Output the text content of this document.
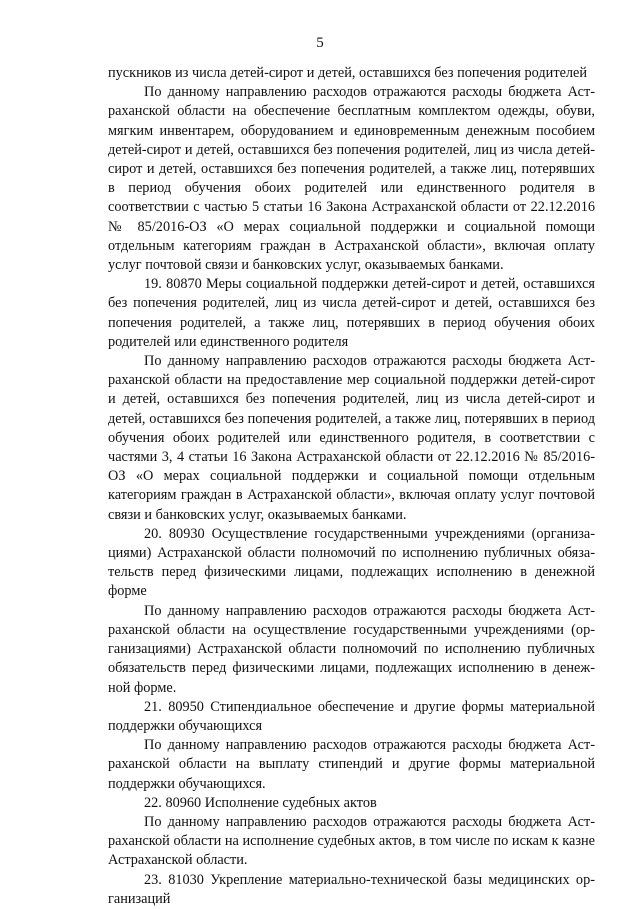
5

пускников из числа детей-сирот и детей, оставшихся без попечения родителей

По данному направлению расходов отражаются расходы бюджета Астраханской области на обеспечение бесплатным комплектом одежды, обуви, мягким инвентарем, оборудованием и единовременным денежным пособием детей-сирот и детей, оставшихся без попечения родителей, лиц из числа детей-сирот и детей, оставшихся без попечения родителей, а также лиц, потерявших в период обучения обоих родителей или единственного родителя в соответствии с частью 5 статьи 16 Закона Астраханской области от 22.12.2016 № 85/2016-ОЗ «О мерах социальной поддержки и социальной помощи отдельным категориям граждан в Астраханской области», включая оплату услуг почтовой связи и банковских услуг, оказываемых банками.

19. 80870 Меры социальной поддержки детей-сирот и детей, оставшихся без попечения родителей, лиц из числа детей-сирот и детей, оставшихся без попечения родителей, а также лиц, потерявших в период обучения обоих родителей или единственного родителя

По данному направлению расходов отражаются расходы бюджета Астраханской области на предоставление мер социальной поддержки детей-сирот и детей, оставшихся без попечения родителей, лиц из числа детей-сирот и детей, оставшихся без попечения родителей, а также лиц, потерявших в период обучения обоих родителей или единственного родителя, в соответствии с частями 3, 4 статьи 16 Закона Астраханской области от 22.12.2016 № 85/2016-ОЗ «О мерах социальной поддержки и социальной помощи отдельным категориям граждан в Астраханской области», включая оплату услуг почтовой связи и банковских услуг, оказываемых банками.

20. 80930 Осуществление государственными учреждениями (организациями) Астраханской области полномочий по исполнению публичных обязательств перед физическими лицами, подлежащих исполнению в денежной форме

По данному направлению расходов отражаются расходы бюджета Астраханской области на осуществление государственными учреждениями (организациями) Астраханской области полномочий по исполнению публичных обязательств перед физическими лицами, подлежащих исполнению в денежной форме.

21. 80950 Стипендиальное обеспечение и другие формы материальной поддержки обучающихся

По данному направлению расходов отражаются расходы бюджета Астраханской области на выплату стипендий и другие формы материальной поддержки обучающихся.

22. 80960 Исполнение судебных актов

По данному направлению расходов отражаются расходы бюджета Астраханской области на исполнение судебных актов, в том числе по искам к казне Астраханской области.

23. 81030 Укрепление материально-технической базы медицинских организаций
